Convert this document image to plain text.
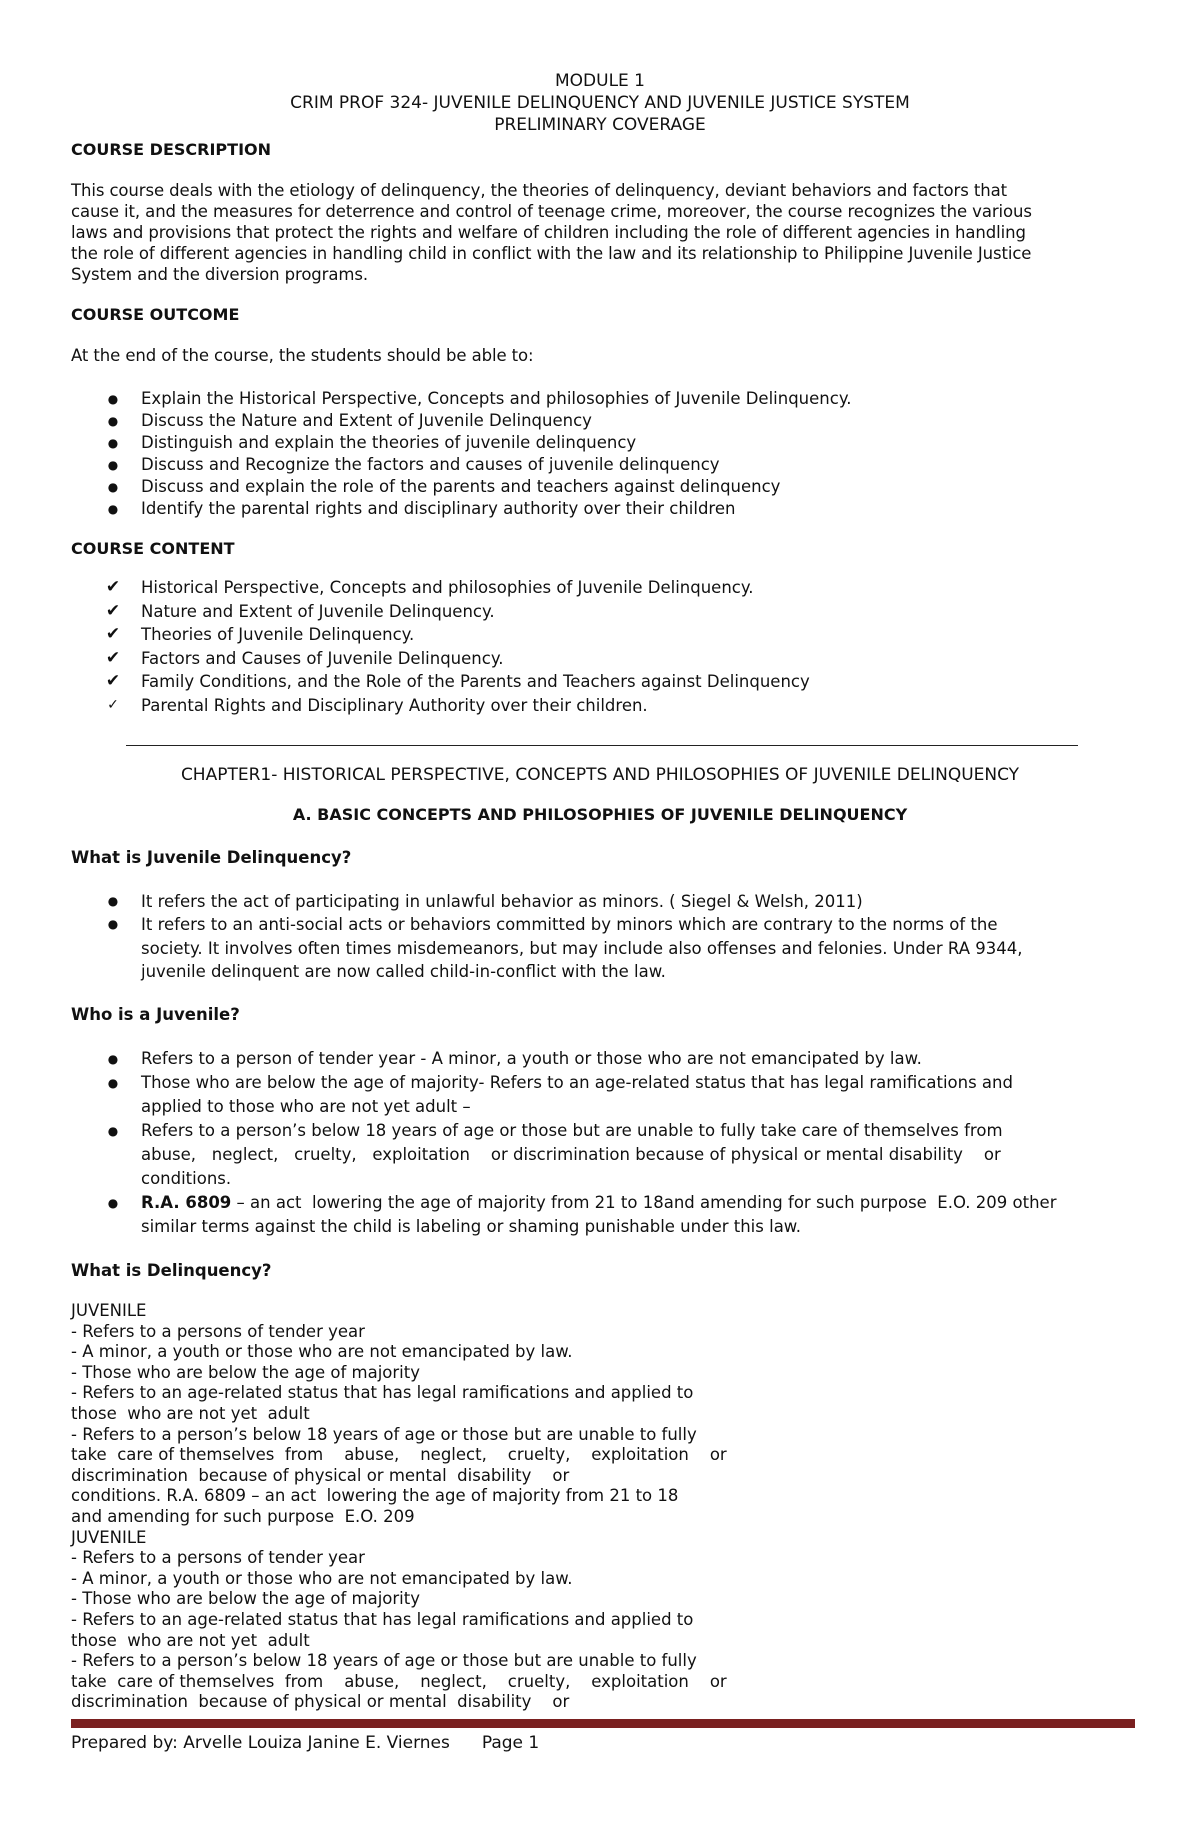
MODULE 1
CRIM PROF 324- JUVENILE DELINQUENCY AND JUVENILE JUSTICE SYSTEM
PRELIMINARY COVERAGE
COURSE DESCRIPTION
This course deals with the etiology of delinquency, the theories of delinquency, deviant behaviors and factors that
cause it, and the measures for deterrence and control of teenage crime, moreover, the course recognizes the various
laws and provisions that protect the rights and welfare of children including the role of different agencies in handling
the role of different agencies in handling child in conflict with the law and its relationship to Philippine Juvenile Justice
System and the diversion programs.
COURSE OUTCOME
At the end of the course, the students should be able to:
● Explain the Historical Perspective, Concepts and philosophies of Juvenile Delinquency.
● Discuss the Nature and Extent of Juvenile Delinquency
● Distinguish and explain the theories of juvenile delinquency
● Discuss and Recognize the factors and causes of juvenile delinquency
● Discuss and explain the role of the parents and teachers against delinquency
● Identify the parental rights and disciplinary authority over their children
COURSE CONTENT
✔ Historical Perspective, Concepts and philosophies of Juvenile Delinquency.
✔ Nature and Extent of Juvenile Delinquency.
✔ Theories of Juvenile Delinquency.
✔ Factors and Causes of Juvenile Delinquency.
✔ Family Conditions, and the Role of the Parents and Teachers against Delinquency
✓ Parental Rights and Disciplinary Authority over their children.
CHAPTER1- HISTORICAL PERSPECTIVE, CONCEPTS AND PHILOSOPHIES OF JUVENILE DELINQUENCY
A. BASIC CONCEPTS AND PHILOSOPHIES OF JUVENILE DELINQUENCY
What is Juvenile Delinquency?
● It refers the act of participating in unlawful behavior as minors. ( Siegel & Welsh, 2011)
● It refers to an anti-social acts or behaviors committed by minors which are contrary to the norms of the
society. It involves often times misdemeanors, but may include also offenses and felonies. Under RA 9344,
juvenile delinquent are now called child-in-conflict with the law.
Who is a Juvenile?
● Refers to a person of tender year - A minor, a youth or those who are not emancipated by law.
● Those who are below the age of majority- Refers to an age-related status that has legal ramifications and
applied to those who are not yet adult –
● Refers to a person’s below 18 years of age or those but are unable to fully take care of themselves from
abuse,   neglect,   cruelty,   exploitation    or discrimination because of physical or mental disability    or
conditions.
● R.A. 6809 – an act  lowering the age of majority from 21 to 18and amending for such purpose  E.O. 209 other
similar terms against the child is labeling or shaming punishable under this law.
What is Delinquency?
JUVENILE
- Refers to a persons of tender year
- A minor, a youth or those who are not emancipated by law.
- Those who are below the age of majority
- Refers to an age-related status that has legal ramifications and applied to
those  who are not yet  adult
- Refers to a person’s below 18 years of age or those but are unable to fully
take  care of themselves  from    abuse,    neglect,    cruelty,    exploitation    or
discrimination  because of physical or mental  disability    or
conditions. R.A. 6809 – an act  lowering the age of majority from 21 to 18
and amending for such purpose  E.O. 209
JUVENILE
- Refers to a persons of tender year
- A minor, a youth or those who are not emancipated by law.
- Those who are below the age of majority
- Refers to an age-related status that has legal ramifications and applied to
those  who are not yet  adult
- Refers to a person’s below 18 years of age or those but are unable to fully
take  care of themselves  from    abuse,    neglect,    cruelty,    exploitation    or
discrimination  because of physical or mental  disability    or
Prepared by: Arvelle Louiza Janine E. Viernes Page 1
